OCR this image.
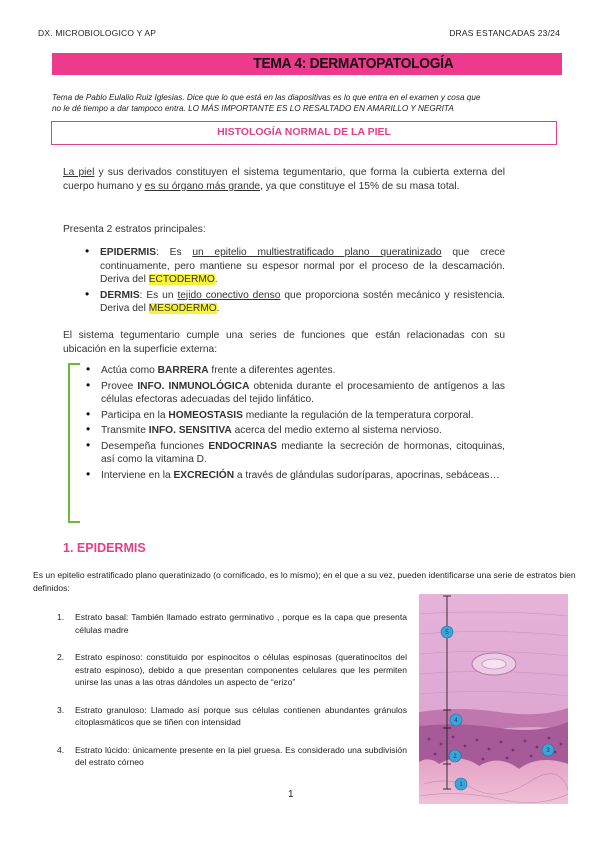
DX. MICROBIOLOGICO Y AP	DRAS ESTANCADAS 23/24
TEMA 4: DERMATOPATOLOGÍA
Tema de Pablo Eulalio Ruiz Iglesias. Dice que lo que está en las diapositivas es lo que entra en el examen y cosa que
no le dé tiempo a dar tampoco entra. LO MÁS IMPORTANTE ES LO RESALTADO EN AMARILLO Y NEGRITA
HISTOLOGÍA NORMAL DE LA PIEL
La piel y sus derivados constituyen el sistema tegumentario, que forma la cubierta externa del cuerpo humano y es su órgano más grande, ya que constituye el 15% de su masa total.
Presenta 2 estratos principales:
• EPIDERMIS: Es un epitelio multiestratificado plano queratinizado que crece continuamente, pero mantiene su espesor normal por el proceso de la descamación. Deriva del ECTODERMO.
• DERMIS: Es un tejido conectivo denso que proporciona sostén mecánico y resistencia. Deriva del MESODERMO.
El sistema tegumentario cumple una series de funciones que están relacionadas con su ubicación en la superficie externa:
• Actúa como BARRERA frente a diferentes agentes.
• Provee INFO. INMUNOLÓGICA obtenida durante el procesamiento de antígenos a las células efectoras adecuadas del tejido linfático.
• Participa en la HOMEOSTASIS mediante la regulación de la temperatura corporal.
• Transmite INFO. SENSITIVA acerca del medio externo al sistema nervioso.
• Desempeña funciones ENDOCRINAS mediante la secreción de hormonas, citoquinas, así como la vitamina D.
• Interviene en la EXCRECIÓN a través de glándulas sudoríparas, apocrinas, sebáceas…
1. EPIDERMIS
Es un epitelio estratificado plano queratinizado (o cornificado, es lo mismo); en el que a su vez, pueden identificarse una serie de estratos bien definidos:
1. Estrato basal: También llamado estrato germinativo , porque es la capa que presenta células madre
2. Estrato espinoso: constituido por espinocitos o células espinosas (queratinocitos del estrato espinoso), debido a que presentan componentes celulares que les permiten unirse las unas a las otras dándoles un aspecto de “erizo”
3. Estrato granuloso: Llamado así porque sus células contienen abundantes gránulos citoplasmáticos que se tiñen con intensidad
4. Estrato lúcido: únicamente presente en la piel gruesa. Es considerado una subdivisión del estrato córneo
5
4
2
3
1
1
